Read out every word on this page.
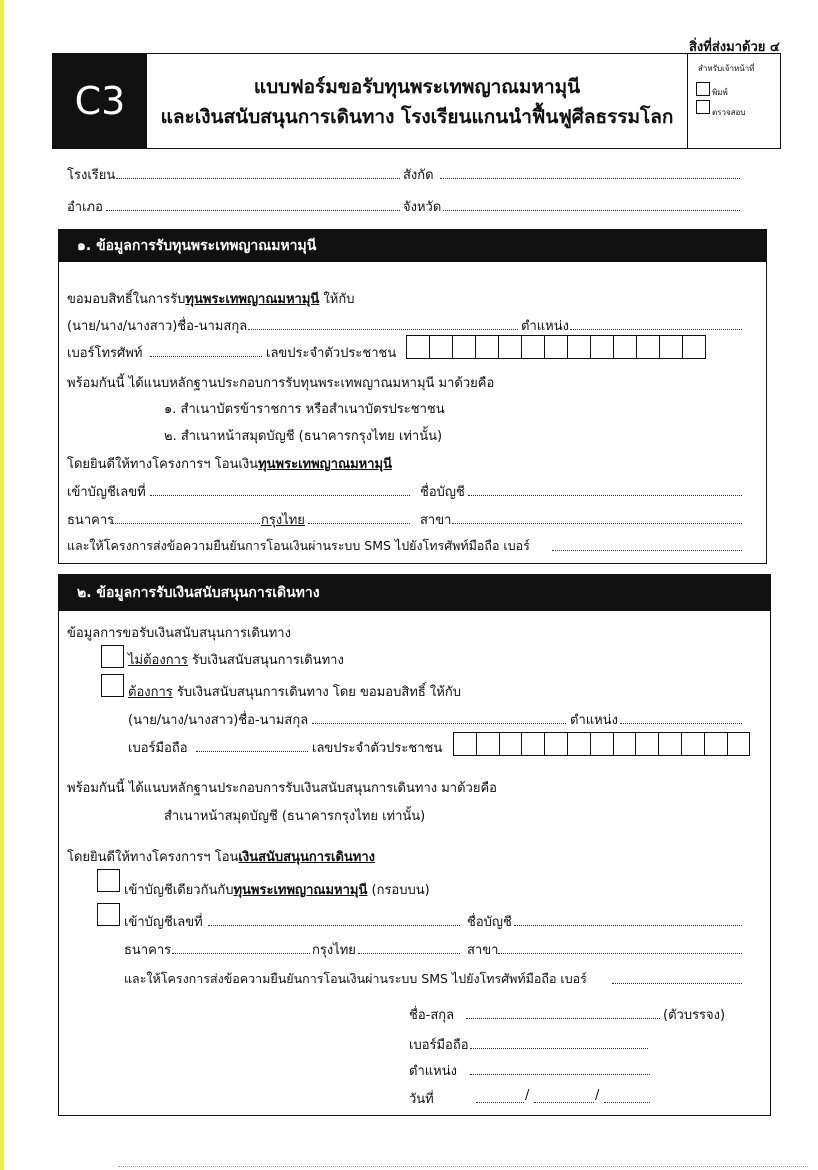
สิ่งที่ส่งมาด้วย ๔
C3	แบบฟอร์มขอรับทุนพระเทพญาณมหามุนี
และเงินสนับสนุนการเดินทาง โรงเรียนแกนนำฟื้นฟูศีลธรรมโลก
สำหรับเจ้าหน้าที่
พิมพ์
ตรวจสอบ
โรงเรียน	สังกัด
อำเภอ	จังหวัด
๑. ข้อมูลการรับทุนพระเทพญาณมหามุนี
ขอมอบสิทธิ์ในการรับทุนพระเทพญาณมหามุนี ให้กับ
(นาย/นาง/นางสาว)ชื่อ-นามสกุล	ตำแหน่ง
เบอร์โทรศัพท์	เลขประจำตัวประชาชน
พร้อมกันนี้ ได้แนบหลักฐานประกอบการรับทุนพระเทพญาณมหามุนี มาด้วยคือ
๑. สำเนาบัตรข้าราชการ หรือสำเนาบัตรประชาชน
๒. สำเนาหน้าสมุดบัญชี (ธนาคารกรุงไทย เท่านั้น)
โดยยินดีให้ทางโครงการฯ โอนเงินทุนพระเทพญาณมหามุนี
เข้าบัญชีเลขที่	ชื่อบัญชี
ธนาคาร	กรุงไทย	สาขา
และให้โครงการส่งข้อความยืนยันการโอนเงินผ่านระบบ SMS ไปยังโทรศัพท์มือถือ เบอร์
๒. ข้อมูลการรับเงินสนับสนุนการเดินทาง
ข้อมูลการขอรับเงินสนับสนุนการเดินทาง
ไม่ต้องการ รับเงินสนับสนุนการเดินทาง
ต้องการ รับเงินสนับสนุนการเดินทาง โดย ขอมอบสิทธิ์ ให้กับ
(นาย/นาง/นางสาว)ชื่อ-นามสกุล	ตำแหน่ง
เบอร์มือถือ	เลขประจำตัวประชาชน
พร้อมกันนี้ ได้แนบหลักฐานประกอบการรับเงินสนับสนุนการเดินทาง มาด้วยคือ
สำเนาหน้าสมุดบัญชี (ธนาคารกรุงไทย เท่านั้น)
โดยยินดีให้ทางโครงการฯ โอนเงินสนับสนุนการเดินทาง
เข้าบัญชีเดียวกันกับทุนพระเทพญาณมหามุนี (กรอบบน)
เข้าบัญชีเลขที่	ชื่อบัญชี
ธนาคาร	กรุงไทย	สาขา
และให้โครงการส่งข้อความยืนยันการโอนเงินผ่านระบบ SMS ไปยังโทรศัพท์มือถือ เบอร์
ชื่อ-สกุล	(ตัวบรรจง)
เบอร์มือถือ
ตำแหน่ง
วันที่	/	/
